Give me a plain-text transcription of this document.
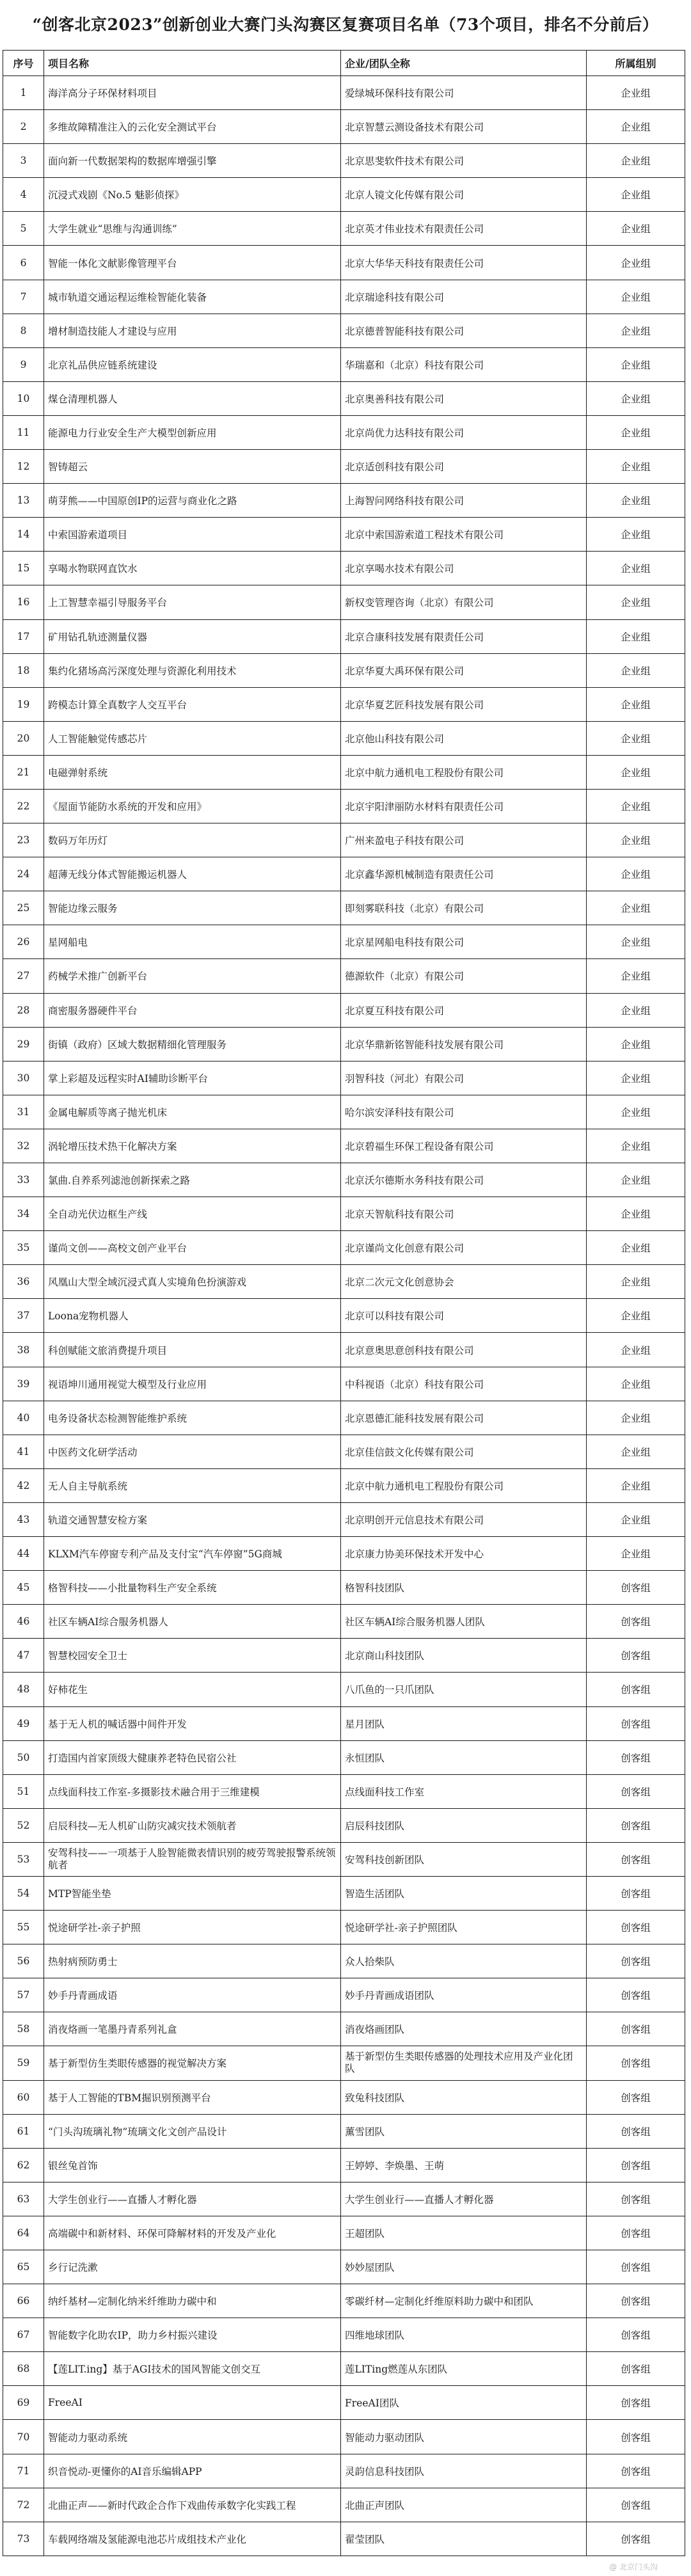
“创客北京2023”创新创业大赛门头沟赛区复赛项目名单（73个项目，排名不分前后）
序号	项目名称	企业/团队全称	所属组别
1	海洋高分子环保材料项目	爱绿城环保科技有限公司	企业组
2	多维故障精准注入的云化安全测试平台	北京智慧云测设备技术有限公司	企业组
3	面向新一代数据架构的数据库增强引擎	北京思斐软件技术有限公司	企业组
4	沉浸式戏剧《No.5 魅影侦探》	北京人镜文化传媒有限公司	企业组
5	大学生就业“思维与沟通训练”	北京英才伟业技术有限责任公司	企业组
6	智能一体化文献影像管理平台	北京大华华天科技有限责任公司	企业组
7	城市轨道交通运程运维检智能化装备	北京瑞途科技有限公司	企业组
8	增材制造技能人才建设与应用	北京德普智能科技有限公司	企业组
9	北京礼品供应链系统建设	华瑞嘉和（北京）科技有限公司	企业组
10	煤仓清理机器人	北京奥善科技有限公司	企业组
11	能源电力行业安全生产大模型创新应用	北京尚优力达科技有限公司	企业组
12	智铸超云	北京适创科技有限公司	企业组
13	萌芽熊——中国原创IP的运营与商业化之路	上海智问网络科技有限公司	企业组
14	中索国游索道项目	北京中索国游索道工程技术有限公司	企业组
15	享喝水物联网直饮水	北京享喝水技术有限公司	企业组
16	上工智慧幸福引导服务平台	新权变管理咨询（北京）有限公司	企业组
17	矿用钻孔轨迹测量仪器	北京合康科技发展有限责任公司	企业组
18	集约化猪场高污深度处理与资源化利用技术	北京华夏大禹环保有限公司	企业组
19	跨模态计算全真数字人交互平台	北京华夏艺匠科技发展有限公司	企业组
20	人工智能触觉传感芯片	北京他山科技有限公司	企业组
21	电磁弹射系统	北京中航力通机电工程股份有限公司	企业组
22	《屋面节能防水系统的开发和应用》	北京宇阳津丽防水材料有限责任公司	企业组
23	数码万年历灯	广州来盈电子科技有限公司	企业组
24	超薄无线分体式智能搬运机器人	北京鑫华源机械制造有限责任公司	企业组
25	智能边缘云服务	即刻雾联科技（北京）有限公司	企业组
26	星网船电	北京星网船电科技有限公司	企业组
27	药械学术推广创新平台	德源软件（北京）有限公司	企业组
28	商密服务器硬件平台	北京夏互科技有限公司	企业组
29	街镇（政府）区域大数据精细化管理服务	北京华鼎新铭智能科技发展有限公司	企业组
30	掌上彩超及远程实时AI辅助诊断平台	羽智科技（河北）有限公司	企业组
31	金属电解质等离子抛光机床	哈尔滨安泽科技有限公司	企业组
32	涡轮增压技术热干化解决方案	北京碧福生环保工程设备有限公司	企业组
33	氯曲.自养系列滤池创新探索之路	北京沃尔德斯水务科技有限公司	企业组
34	全自动光伏边框生产线	北京天智航科技有限公司	企业组
35	谨尚文创——高校文创产业平台	北京谨尚文化创意有限公司	企业组
36	风凰山大型全域沉浸式真人实境角色扮演游戏	北京二次元文化创意协会	企业组
37	Loona宠物机器人	北京可以科技有限公司	企业组
38	科创赋能文旅消费提升项目	北京意奥思意创科技有限公司	企业组
39	视语坤川通用视觉大模型及行业应用	中科视语（北京）科技有限公司	企业组
40	电务设备状态检测智能维护系统	北京恩德汇能科技发展有限公司	企业组
41	中医药文化研学活动	北京佳信鼓文化传媒有限公司	企业组
42	无人自主导航系统	北京中航力通机电工程股份有限公司	企业组
43	轨道交通智慧安检方案	北京明创开元信息技术有限公司	企业组
44	KLXM汽车停窗专利产品及支付宝“汽车停窗”5G商城	北京康力协美环保技术开发中心	企业组
45	格智科技——小批量物料生产安全系统	格智科技团队	创客组
46	社区车辆AI综合服务机器人	社区车辆AI综合服务机器人团队	创客组
47	智慧校园安全卫士	北京商山科技团队	创客组
48	好柿花生	八爪鱼的一只爪团队	创客组
49	基于无人机的喊话器中间件开发	星月团队	创客组
50	打造国内首家顶级大健康养老特色民宿公社	永恒团队	创客组
51	点线面科技工作室-多摄影技术融合用于三维建模	点线面科技工作室	创客组
52	启辰科技—无人机矿山防灾减灾技术领航者	启辰科技团队	创客组
53	安驾科技——一项基于人脸智能微表情识别的疲劳驾驶报警系统领航者	安驾科技创新团队	创客组
54	MTP智能坐垫	智造生活团队	创客组
55	悦途研学社-亲子护照	悦途研学社-亲子护照团队	创客组
56	热射病预防勇士	众人拾柴队	创客组
57	妙手丹青画成语	妙手丹青画成语团队	创客组
58	消夜烙画一笔墨丹青系列礼盒	消夜烙画团队	创客组
59	基于新型仿生类眼传感器的视觉解决方案	基于新型仿生类眼传感器的处理技术应用及产业化团队	创客组
60	基于人工智能的TBM掘识别预测平台	致兔科技团队	创客组
61	“门头沟琉璃礼物”琉璃文化文创产品设计	薰雪团队	创客组
62	银丝兔首饰	王婷婷、李焕墨、王萌	创客组
63	大学生创业行——直播人才孵化器	大学生创业行——直播人才孵化器	创客组
64	高端碳中和新材料、环保可降解材料的开发及产业化	王超团队	创客组
65	乡行记洗漱	妙妙屋团队	创客组
66	纳纤基材—定制化纳米纤维助力碳中和	零碳纤材—定制化纤维原料助力碳中和团队	创客组
67	智能数字化助农IP，助力乡村振兴建设	四维地球团队	创客组
68	【莲LIT.ing】基于AGI技术的国风智能文创交互	莲LITing燃莲从东团队	创客组
69	FreeAI	FreeAI团队	创客组
70	智能动力驱动系统	智能动力驱动团队	创客组
71	织音悦动-更懂你的AI音乐编辑APP	灵韵信息科技团队	创客组
72	北曲正声——新时代政企合作下戏曲传承数字化实践工程	北曲正声团队	创客组
73	车载网络端及氢能源电池芯片成组技术产业化	翟莹团队	创客组
@ 北京门头沟
